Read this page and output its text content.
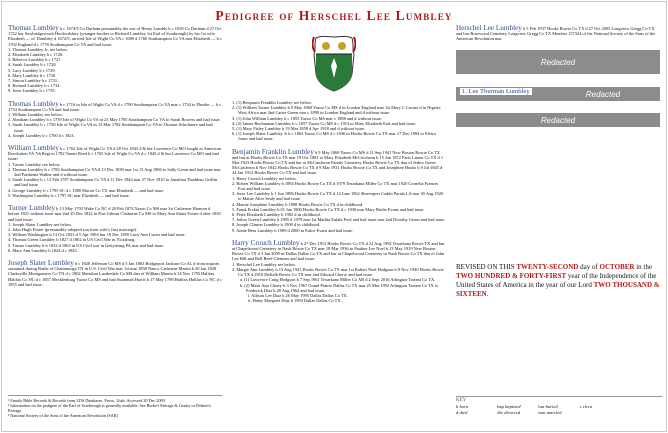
Pedigree of Herschel Lee Lumbley

Thomas Lumbley b c 1674/5 Co Durham presumably the son of Henry Lumbly b c 1658 Co Durham d 27 Oct 1722 bur Sawbridgeworth Hertfordshire (younger brother to Richard Lumbley 1st Earl of Scarbrough) by his 1st wife Elizabeth — of Thimbley d 1674/5; arrived Isle of Wight Co VA c 1689 d 1760 Southampton Co VA mar Elizabeth — b c 1702 England d c 1778 Southampton Co VA and had issue:

1. Thomas Lumbley Jr, see below.
2. Elizabeth Lumbley b c 1726.
3. Rebecca Lumbley b c 1727.
4. Sarah Lumbley b c 1728.
5. Lucy Lumbley b c 1729.
6. Mary Lumbley b c 1730.
7. Simon Lumbley b c 1731.
8. Richard Lumbley b c 1734.
9. Jesse Lumbley b c 1735.

Thomas Lumbley b c 1716 in Isle of Wight Co VA d c 1790 Southampton Co VA mar c 1734 to Phoebe — b c 1734 Southampton Co VA and had issue:

1. William Lumbley see below.
2. Abraham Lumbley b c 1759 Isle of Wight Co VA m 23 May 1785 Southampton Co VA to Sarah Bowers and had issue.
3. Sarah Lumbley b c 1758 Isle of Wight Co VA m 13 Mar 1782 Southampton Co VA to Thomas Scholmore and had issue.
4. Joseph Lumbley b c 1760 d c 1821.

William Lumbley b c 1762 Isle of Wight Co VA d 28 Oct 1843 d & bur Lawrence Co MO fought in American Revolution VA 7th Regt m 1782 Tarner Reed b c 1765 Isle of Wight Co VA d c 1845 d & bur Lawrence Co MO and had issue:

1. Turner Lumbley see below.
2. Thomas Lumbley b c 1783 Southampton Co VA d 13 Dec 1839 mar 1st 13 Aug 1806 to Sally Green and had issue mar 2nd Parthenia Walker and d without issue.
3. Sarah Lumbley b c 12 Feb 1787 Southampton Co VA d 11 Dec 1844 mar 27 Nov 1810 to Jonathan Thaddeus Griffin and had issue.
4. George Lumbley b c 1795 SC d c 1880 Macon Co TX mar Elizabeth — and had issue.
5. Washington Lumbley b c 1797 SC mar Elizabeth — and had issue.

Turner Lumbley b 13 May 1793 Wake Co NC d 20 Feb 1874 Yazoo Co MS mar 1st Catherine Harmon d before 1821 without issue mar 2nd 25 Dec 1822 in Port Gibson Claiborne Co MS to Mary Ann Slater Foster d after 1830 and had issue:

1. Joseph Slater Lumbley see below.
2. John Hugh Foster (presumably adopted son from wife's first marriage).
3. William Washington b 13 Oct 1823 d 5 Apr 1894 bur 18 Dec 1850 Lucy Ann Lucen and had issue.
4. Thomas Green Lumbley b 1827 d 1862 in US Civil War in Vicksburg.
5. Turner Lumbley b b 1832 d 1863 in US Civil war in Gettysburg PA mar and had issue.
6. Mary Ann Lumbley b 1824 d c 1845.

Joseph Slater Lumbley b c 1828 Jefferson Co MS d 5 Jan 1863 Bridgeport Jackson Co AL d from injuries sustained during Battle of Chattanooga TN in U.S. Civil War mar 1st mar 1858 Nancy Catherine Martin b 20 Jan 1828 Clarksville Montgomery Co TN d c 1902 Meridian Lauderdale Co MS dau of William Martin b 14 Nov 1795 Halifax Halifax Co NC d c 1857 Mecklenburg Yazoo Co MS and had Susannah Harris b 17 May 1798 Halifax Halifax Co NC d c 1855 and had issue:

1. (1) Benjamin Franklin Lumbley see below.
2. (1) William Turner Lumbley b 9 May 1860 Yazoo Co MS d in London England mar 1st Mary C Crouse d in Nigeria West Africa mar 2nd Carrie Green mar c 1899 in London England and d without issue.
3. (1) John William Lumbley b c 1855 Yazoo Co MS mar c 1888 and d without issue.
4. (2) James Buchannan Lumbley b c 1857 Yazoo Co MS d c 1914 m Mary Elizabeth Earl and had issue.
5. (1) Mary Fisley Lumbley b 19 Mar 1858 d Apr 1918 and d without issue.
6. (1) Joseph Slater Lumbley Jr b c 1862 Yazoo Co MS d c 1946 in Hooks Bowie Co TX mar 17 Dec 1884 to Elvira Jones and had issue.

Benjamin Franklin Lumbley b 9 May 1860 Yazoo Co MS d 11 Sep 1941 New Boston Bowie Co TX and bur at Hooks Bowie Co TX mar 19 Oct 1882 to Mary Elizabeth McCutcheon b 15 Jun 1872 Paris Lamar Co TX d 1 Mar 1923 Hooks Bowie Co TX and bur at McCutcheon Family Cemetery Hooks Bowie Co TX dau of Jethro Green McCutcheon b Nov 1842 Hooks Bowie Co TX d 9 Mar 1931 Hooks Bowie Co TX and Josephine Hooks b 9 Jul 1845 d 24 Jan 1912 Hooks Bowie Co TX and had issue.

1. Harry Crouch Lumbley see below.
2. Robert William Lumbley b 1894 Hooks Bowie Co TX d 1979 Texarkana Miller Co TX mar 1920 Cornelia Frances Fort and had issue.
3. Jesse Lee Lumbley b 1 Jun 1896 Hooks Bowie Co TX d 14 June 1962 Shreveport Caddo Parish LA mar 30 Aug 1920 to Mattie Alice Sealy and had issue.
4. Mamie Josephine Lumbley b 1898 Hooks Bowie Co TX d in childhood.
5. Frank Erskin Lumbley b 01 Jan 1900 Hooks Bowie Co TX d c 1936 mar Mary Birdie Evans and had issue.
6. Perla Elizabeth Lumbley b 1902 d in childhood.
7. Jethro Green Lumbley b 1905 d 1979 mar 1st Martha Eulala Pool and had issue mar 2nd Dorothy Green and had issue.
8. Joseph Clinton Lumbley b 1908 d in childhood.
9. Annie Bess Lumbley b 1909 d 2000 m Euloe Evans and had issue.

Harry Crouch Lumbley b 27 Dec 1912 Hooks Bowie Co TX d 22 Aug 1992 Texarkana Bowie TX and bur at Chapelwood Cemetery in Nash Bowie Co TX mar 18 Mar 1936 to Pauline Lee Noel b 13 May 1919 New Boston Bowie Co TX d 3 Jan 2005 in Dallas Dallas Co TX and bur at Chapelwood Cemetery in Nash Bowie Co TX dau of John Lee Hill and Bell Reed Clemons and had issue:

1. Herschel Lee Lumbley see below.
2. Margie Ann Lumbley b 15 Aug 1941 Hooks Bowie Co TX mar 1st Robert Noel Hodgson b 8 Nov 1940 Hooks Bowie Co TX d 2010 DeKalb Bowie Co TX mar 2nd Edward Cherry and had issue:
a. (1) Lawrence Craig Hodgson b 7 Sep 1961 Texarkana Miller Co AR d 2 Sept 2016 Arlington Tarrant Co TX.
b. (2) Marti Ann Cherry b 3 Nov 1967 Grand Prairie Dallas Co TX mar 25 Mar 1992 Arlington Tarrant Co TX to Frederick Diaz b 28 Aug 1964 and had issue.
i. Allison Lee Diaz b 26 May 1995 Dallas Dallas Co TX.
ii. Haley Margaret Diaz b 1994 Dallas Dallas Co TX.

Herschel Lee Lumbley b 5 Feb 1937 Hooks Bowie Co TX d 27 Oct 2005 Longview Gregg Co TX and bur Rosewood Cemetery Longview Gregg Co TX Member 157324 of the National Society of the Sons of the American Revolution mar

Redacted
Redacted
1. Lee Thurman Lumbley
Redacted
REVISED ON THIS TWENTY-SECOND day of OCTOBER in the TWO HUNDRED & FORTY-FIRST year of the Independence of the United States of America in the year of our Lord TWO THOUSAND & SIXTEEN.

¹ Family Bible Records & Records from LDS Databases. Provo, Utah. Accessed 30 Dec 2009.

² Information on the pedigree of the Earl of Scarbrough is generally available. See Burke's Peerage & Gentry or Debrett's Peerage.

³ National Society of the Sons of the American Revolution (SAR)

KEY
b born	bap baptised	bur buried	c circa
d died	div divorced	mar married
